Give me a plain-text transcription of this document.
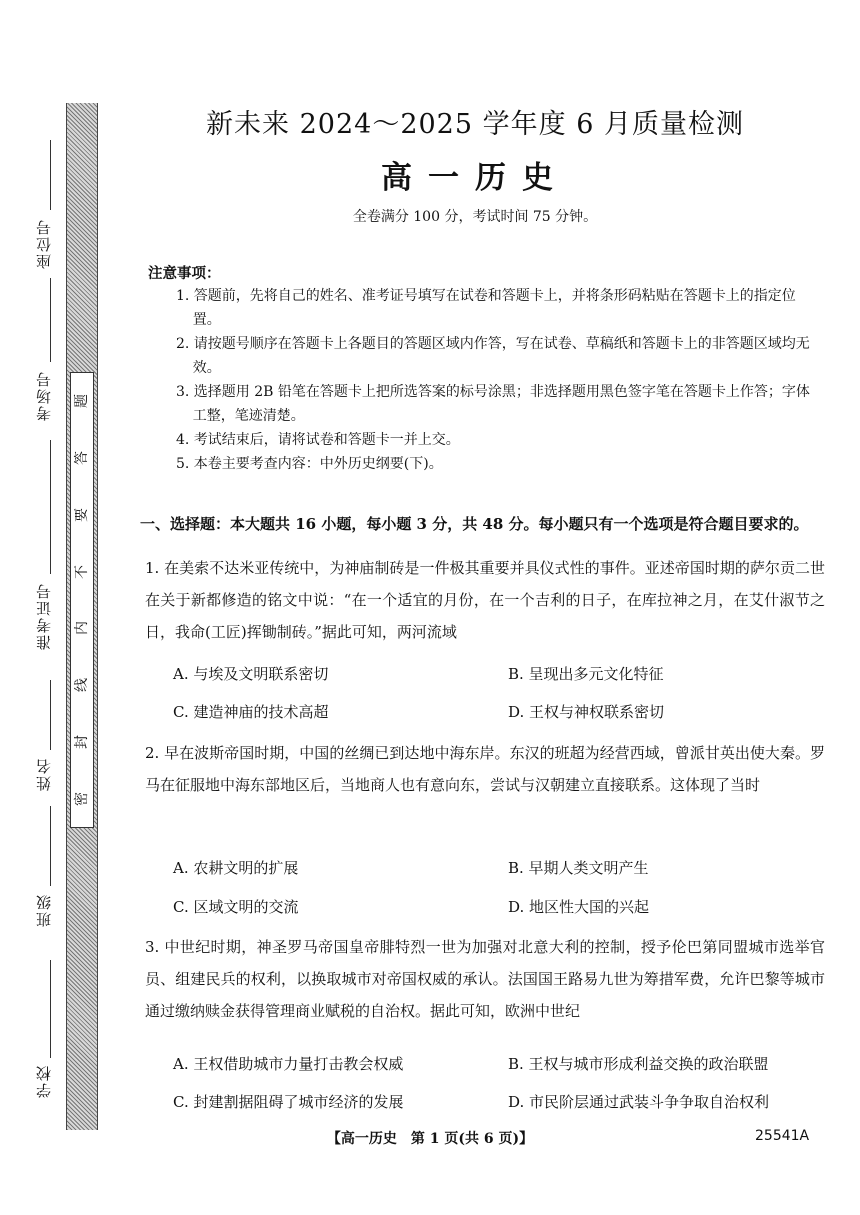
座位号
考场号
准考证号
姓名
班级
学校
题
答
要
不
内
线
封
密
新未来 2024～2025 学年度 6 月质量检测
高一历史
全卷满分 100 分，考试时间 75 分钟。
注意事项：

1. 答题前，先将自己的姓名、准考证号填写在试卷和答题卡上，并将条形码粘贴在答题卡上的指定位置。

2. 请按题号顺序在答题卡上各题目的答题区域内作答，写在试卷、草稿纸和答题卡上的非答题区域均无效。

3. 选择题用 2B 铅笔在答题卡上把所选答案的标号涂黑；非选择题用黑色签字笔在答题卡上作答；字体工整，笔迹清楚。

4. 考试结束后，请将试卷和答题卡一并上交。

5. 本卷主要考查内容：中外历史纲要(下)。

一、选择题：本大题共 16 小题，每小题 3 分，共 48 分。每小题只有一个选项是符合题目要求的。

1. 在美索不达米亚传统中，为神庙制砖是一件极其重要并具仪式性的事件。亚述帝国时期的萨尔贡二世在关于新都修造的铭文中说：“在一个适宜的月份，在一个吉利的日子，在库拉神之月，在艾什淑节之日，我命(工匠)挥锄制砖。”据此可知，两河流域

A. 与埃及文明联系密切	B. 呈现出多元文化特征
C. 建造神庙的技术高超	D. 王权与神权联系密切

2. 早在波斯帝国时期，中国的丝绸已到达地中海东岸。东汉的班超为经营西域，曾派甘英出使大秦。罗马在征服地中海东部地区后，当地商人也有意向东，尝试与汉朝建立直接联系。这体现了当时

A. 农耕文明的扩展	B. 早期人类文明产生
C. 区域文明的交流	D. 地区性大国的兴起

3. 中世纪时期，神圣罗马帝国皇帝腓特烈一世为加强对北意大利的控制，授予伦巴第同盟城市选举官员、组建民兵的权利，以换取城市对帝国权威的承认。法国国王路易九世为筹措军费，允许巴黎等城市通过缴纳赎金获得管理商业赋税的自治权。据此可知，欧洲中世纪

A. 王权借助城市力量打击教会权威	B. 王权与城市形成利益交换的政治联盟
C. 封建割据阻碍了城市经济的发展	D. 市民阶层通过武装斗争争取自治权利
【高一历史　第 1 页(共 6 页)】	25541A
